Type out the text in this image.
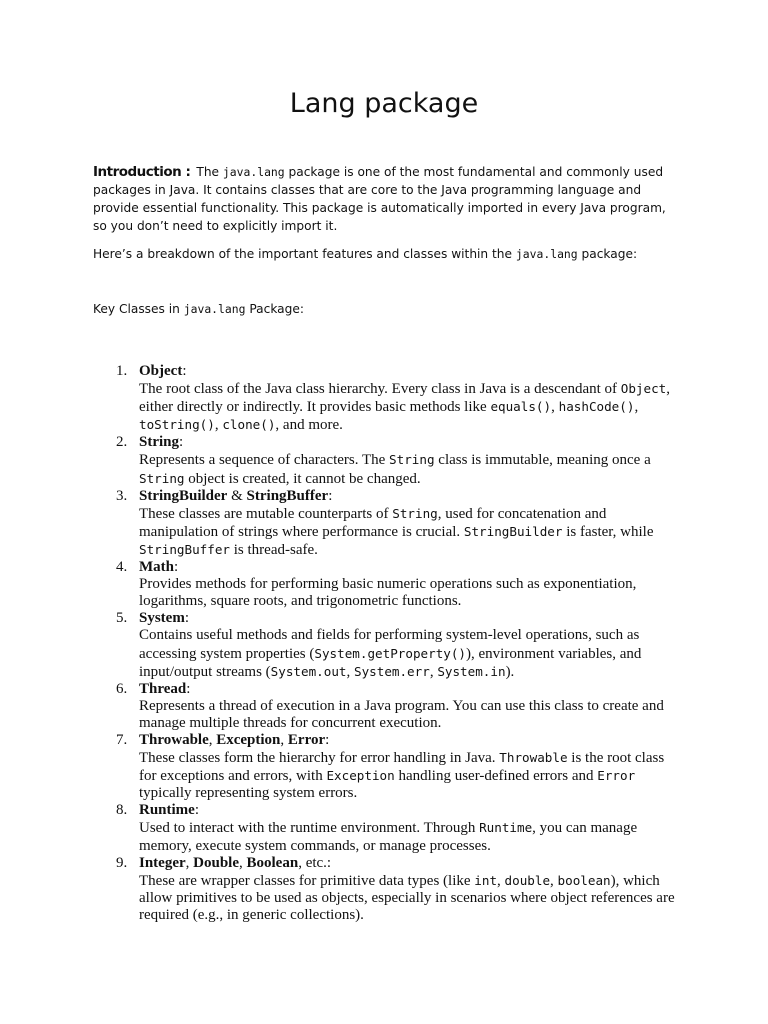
Lang package
Introduction : The java.lang package is one of the most fundamental and commonly used packages in Java. It contains classes that are core to the Java programming language and provide essential functionality. This package is automatically imported in every Java program, so you don’t need to explicitly import it.
Here’s a breakdown of the important features and classes within the java.lang package:
Key Classes in java.lang Package:
1. Object:
The root class of the Java class hierarchy. Every class in Java is a descendant of Object, either directly or indirectly. It provides basic methods like equals(), hashCode(), toString(), clone(), and more.
2. String:
Represents a sequence of characters. The String class is immutable, meaning once a String object is created, it cannot be changed.
3. StringBuilder & StringBuffer:
These classes are mutable counterparts of String, used for concatenation and manipulation of strings where performance is crucial. StringBuilder is faster, while StringBuffer is thread-safe.
4. Math:
Provides methods for performing basic numeric operations such as exponentiation, logarithms, square roots, and trigonometric functions.
5. System:
Contains useful methods and fields for performing system-level operations, such as accessing system properties (System.getProperty()), environment variables, and input/output streams (System.out, System.err, System.in).
6. Thread:
Represents a thread of execution in a Java program. You can use this class to create and manage multiple threads for concurrent execution.
7. Throwable, Exception, Error:
These classes form the hierarchy for error handling in Java. Throwable is the root class for exceptions and errors, with Exception handling user-defined errors and Error typically representing system errors.
8. Runtime:
Used to interact with the runtime environment. Through Runtime, you can manage memory, execute system commands, or manage processes.
9. Integer, Double, Boolean, etc.:
These are wrapper classes for primitive data types (like int, double, boolean), which allow primitives to be used as objects, especially in scenarios where object references are required (e.g., in generic collections).
